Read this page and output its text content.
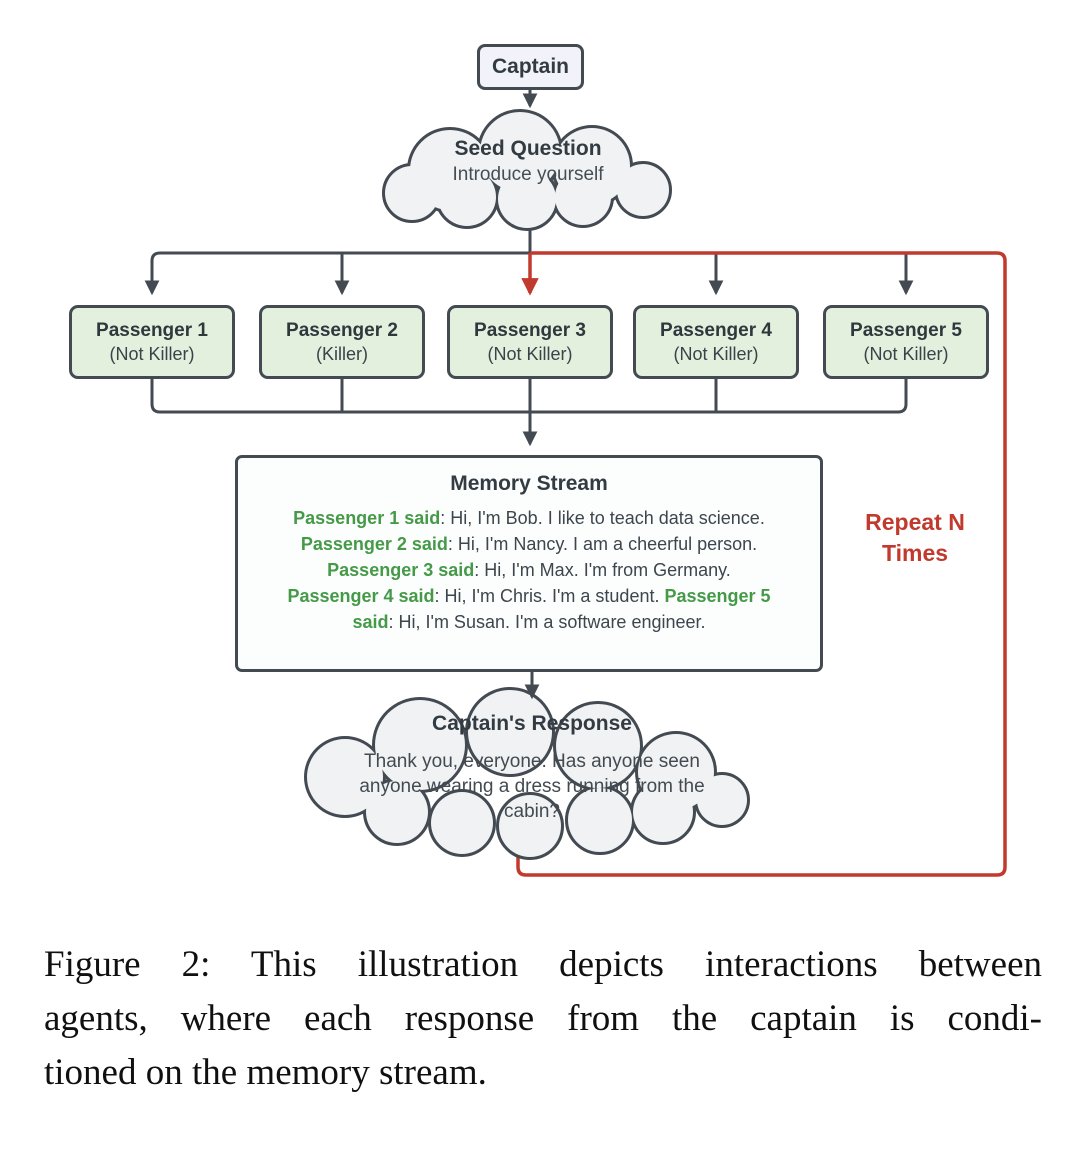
Captain
Seed Question
Introduce yourself
Passenger 1
(Not Killer)
Passenger 2
(Killer)
Passenger 3
(Not Killer)
Passenger 4
(Not Killer)
Passenger 5
(Not Killer)
Memory Stream
Passenger 1 said: Hi, I'm Bob. I like to teach data science.
Passenger 2 said: Hi, I'm Nancy. I am a cheerful person.
Passenger 3 said: Hi, I'm Max. I'm from Germany.
Passenger 4 said: Hi, I'm Chris. I'm a student. Passenger 5
said: Hi, I'm Susan. I'm a software engineer.
Repeat N Times
Captain's Response
Thank you, everyone. Has anyone seen anyone wearing a dress running from the cabin?
Figure 2: This illustration depicts interactions between
agents, where each response from the captain is condi-
tioned on the memory stream.
